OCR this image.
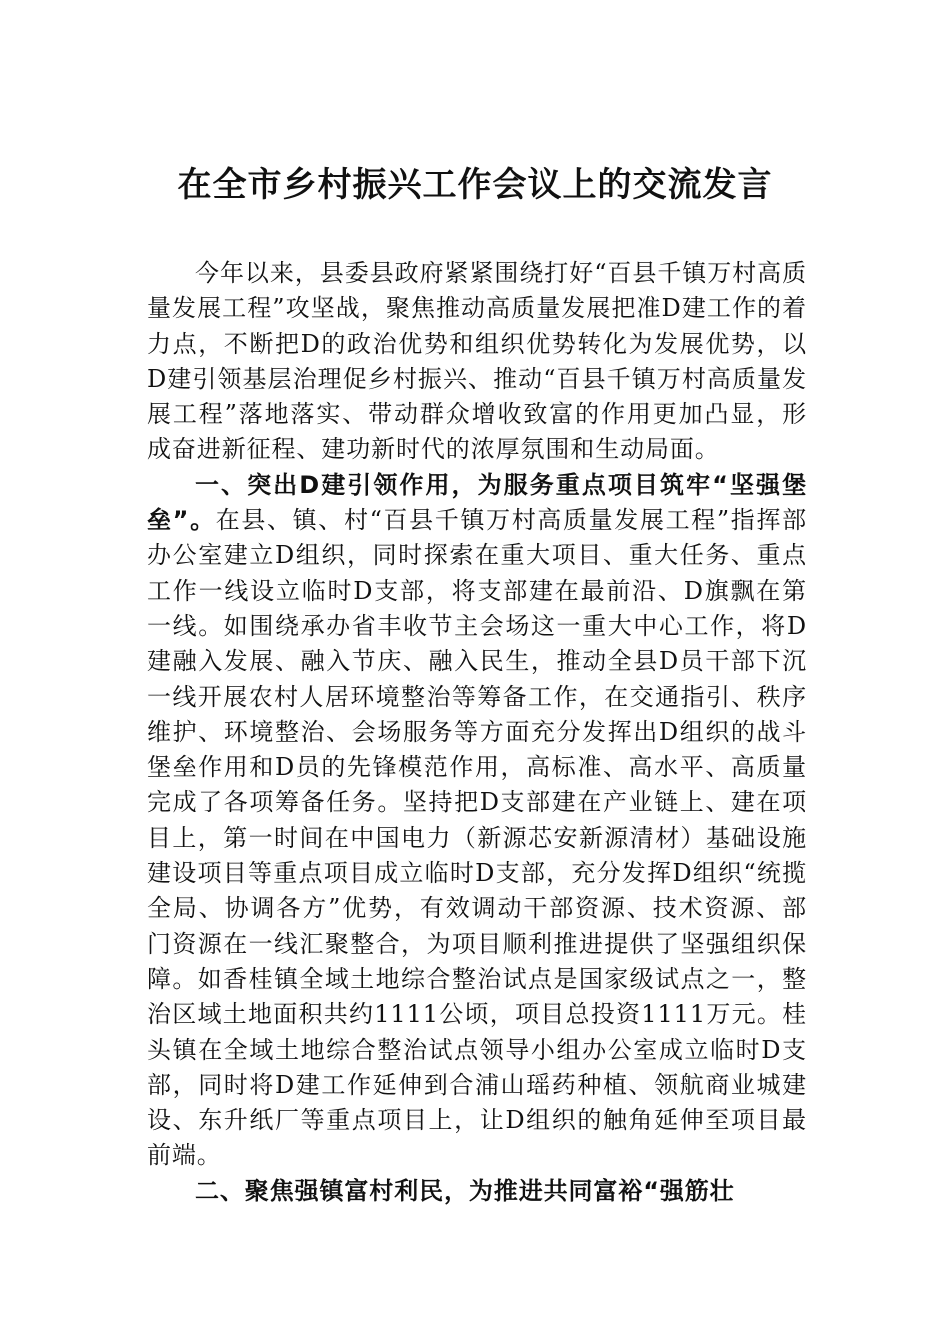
在全市乡村振兴工作会议上的交流发言

今年以来，县委县政府紧紧围绕打好“百县千镇万村高质量发展工程”攻坚战，聚焦推动高质量发展把准D建工作的着力点，不断把D的政治优势和组织优势转化为发展优势，以D建引领基层治理促乡村振兴、推动“百县千镇万村高质量发展工程”落地落实、带动群众增收致富的作用更加凸显，形成奋进新征程、建功新时代的浓厚氛围和生动局面。

一、突出D建引领作用，为服务重点项目筑牢“坚强堡垒”。在县、镇、村“百县千镇万村高质量发展工程”指挥部办公室建立D组织，同时探索在重大项目、重大任务、重点工作一线设立临时D支部，将支部建在最前沿、D旗飘在第一线。如围绕承办省丰收节主会场这一重大中心工作，将D建融入发展、融入节庆、融入民生，推动全县D员干部下沉一线开展农村人居环境整治等筹备工作，在交通指引、秩序维护、环境整治、会场服务等方面充分发挥出D组织的战斗堡垒作用和D员的先锋模范作用，高标准、高水平、高质量完成了各项筹备任务。坚持把D支部建在产业链上、建在项目上，第一时间在中国电力（新源芯安新源清材）基础设施建设项目等重点项目成立临时D支部，充分发挥D组织“统揽全局、协调各方”优势，有效调动干部资源、技术资源、部门资源在一线汇聚整合，为项目顺利推进提供了坚强组织保障。如香桂镇全域土地综合整治试点是国家级试点之一，整治区域土地面积共约1111公顷，项目总投资1111万元。桂头镇在全域土地综合整治试点领导小组办公室成立临时D支部，同时将D建工作延伸到合浦山瑶药种植、领航商业城建设、东升纸厂等重点项目上，让D组织的触角延伸至项目最前端。

二、聚焦强镇富村利民，为推进共同富裕“强筋壮
